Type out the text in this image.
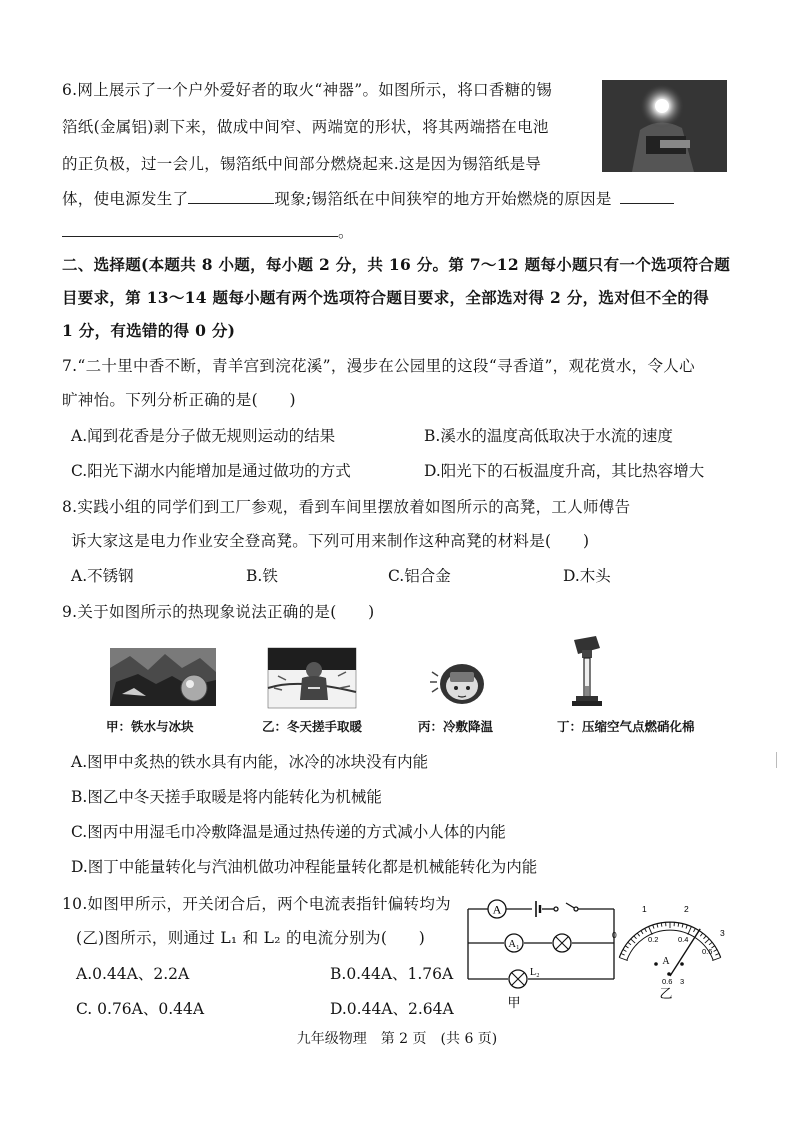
6.网上展示了一个户外爱好者的取火“神器”。如图所示，将口香糖的锡
箔纸(金属铝)剥下来，做成中间窄、两端宽的形状，将其两端搭在电池
的正负极，过一会儿，锡箔纸中间部分燃烧起来.这是因为锡箔纸是导
体，使电源发生了	现象;锡箔纸在中间狭窄的地方开始燃烧的原因是
。
二、选择题(本题共 8 小题，每小题 2 分，共 16 分。第 7～12 题每小题只有一个选项符合题
目要求，第 13～14 题每小题有两个选项符合题目要求，全部选对得 2 分，选对但不全的得
1 分，有选错的得 0 分)
7.“二十里中香不断，青羊宫到浣花溪”，漫步在公园里的这段“寻香道”，观花赏水，令人心
旷神怡。下列分析正确的是(　　)
A.闻到花香是分子做无规则运动的结果	B.溪水的温度高低取决于水流的速度
C.阳光下湖水内能增加是通过做功的方式	D.阳光下的石板温度升高，其比热容增大
8.实践小组的同学们到工厂参观，看到车间里摆放着如图所示的高凳，工人师傅告
诉大家这是电力作业安全登高凳。下列可用来制作这种高凳的材料是(　　)
A.不锈钢	B.铁	C.铝合金	D.木头
9.关于如图所示的热现象说法正确的是(　　)
甲：铁水与冰块	乙：冬天搓手取暖	丙：冷敷降温	丁：压缩空气点燃硝化棉
A.图甲中炙热的铁水具有内能，冰冷的冰块没有内能
B.图乙中冬天搓手取暖是将内能转化为机械能
C.图丙中用湿毛巾冷敷降温是通过热传递的方式减小人体的内能
D.图丁中能量转化与汽油机做功冲程能量转化都是机械能转化为内能
10.如图甲所示，开关闭合后，两个电流表指针偏转均为
(乙)图所示，则通过 L₁ 和 L₂ 的电流分别为(　　)
A.0.44A、2.2A	B.0.44A、1.76A
C. 0.76A、0.44A	D.0.44A、2.64A
A
A₁
L₂
甲
0
1	2
3
0.2	0.4
0.6
A
0.6 3
乙
九年级物理　第 2 页　(共 6 页)
